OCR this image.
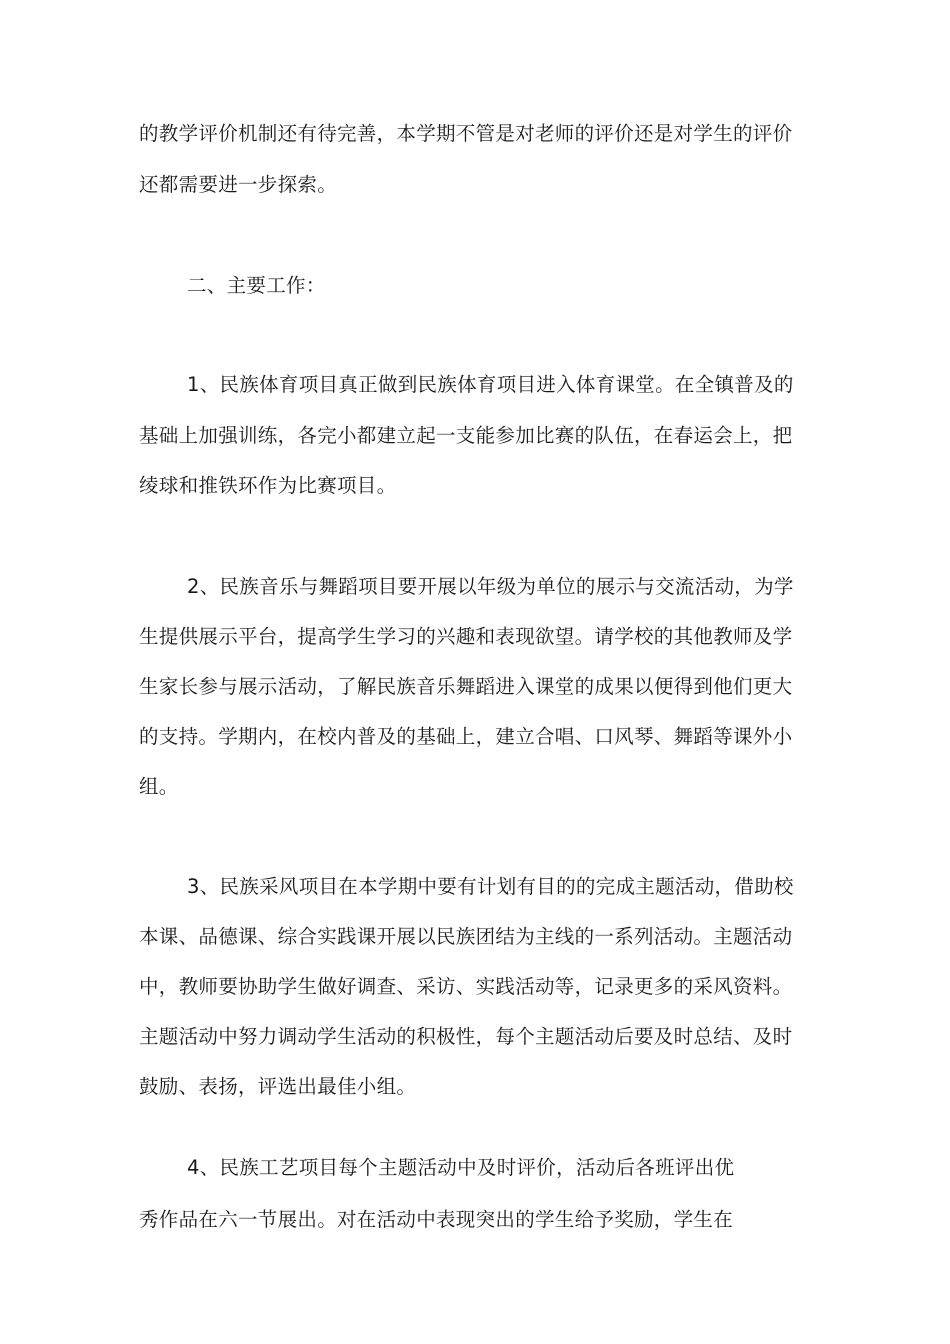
的教学评价机制还有待完善，本学期不管是对老师的评价还是对学生的评价
还都需要进一步探索。
二、主要工作：
1、民族体育项目真正做到民族体育项目进入体育课堂。在全镇普及的
基础上加强训练，各完小都建立起一支能参加比赛的队伍，在春运会上，把
绫球和推铁环作为比赛项目。
2、民族音乐与舞蹈项目要开展以年级为单位的展示与交流活动，为学
生提供展示平台，提高学生学习的兴趣和表现欲望。请学校的其他教师及学
生家长参与展示活动，了解民族音乐舞蹈进入课堂的成果以便得到他们更大
的支持。学期内，在校内普及的基础上，建立合唱、口风琴、舞蹈等课外小
组。
3、民族采风项目在本学期中要有计划有目的的完成主题活动，借助校
本课、品德课、综合实践课开展以民族团结为主线的一系列活动。主题活动
中，教师要协助学生做好调查、采访、实践活动等，记录更多的采风资料。
主题活动中努力调动学生活动的积极性，每个主题活动后要及时总结、及时
鼓励、表扬，评选出最佳小组。
4、民族工艺项目每个主题活动中及时评价，活动后各班评出优
秀作品在六一节展出。对在活动中表现突出的学生给予奖励，学生在
